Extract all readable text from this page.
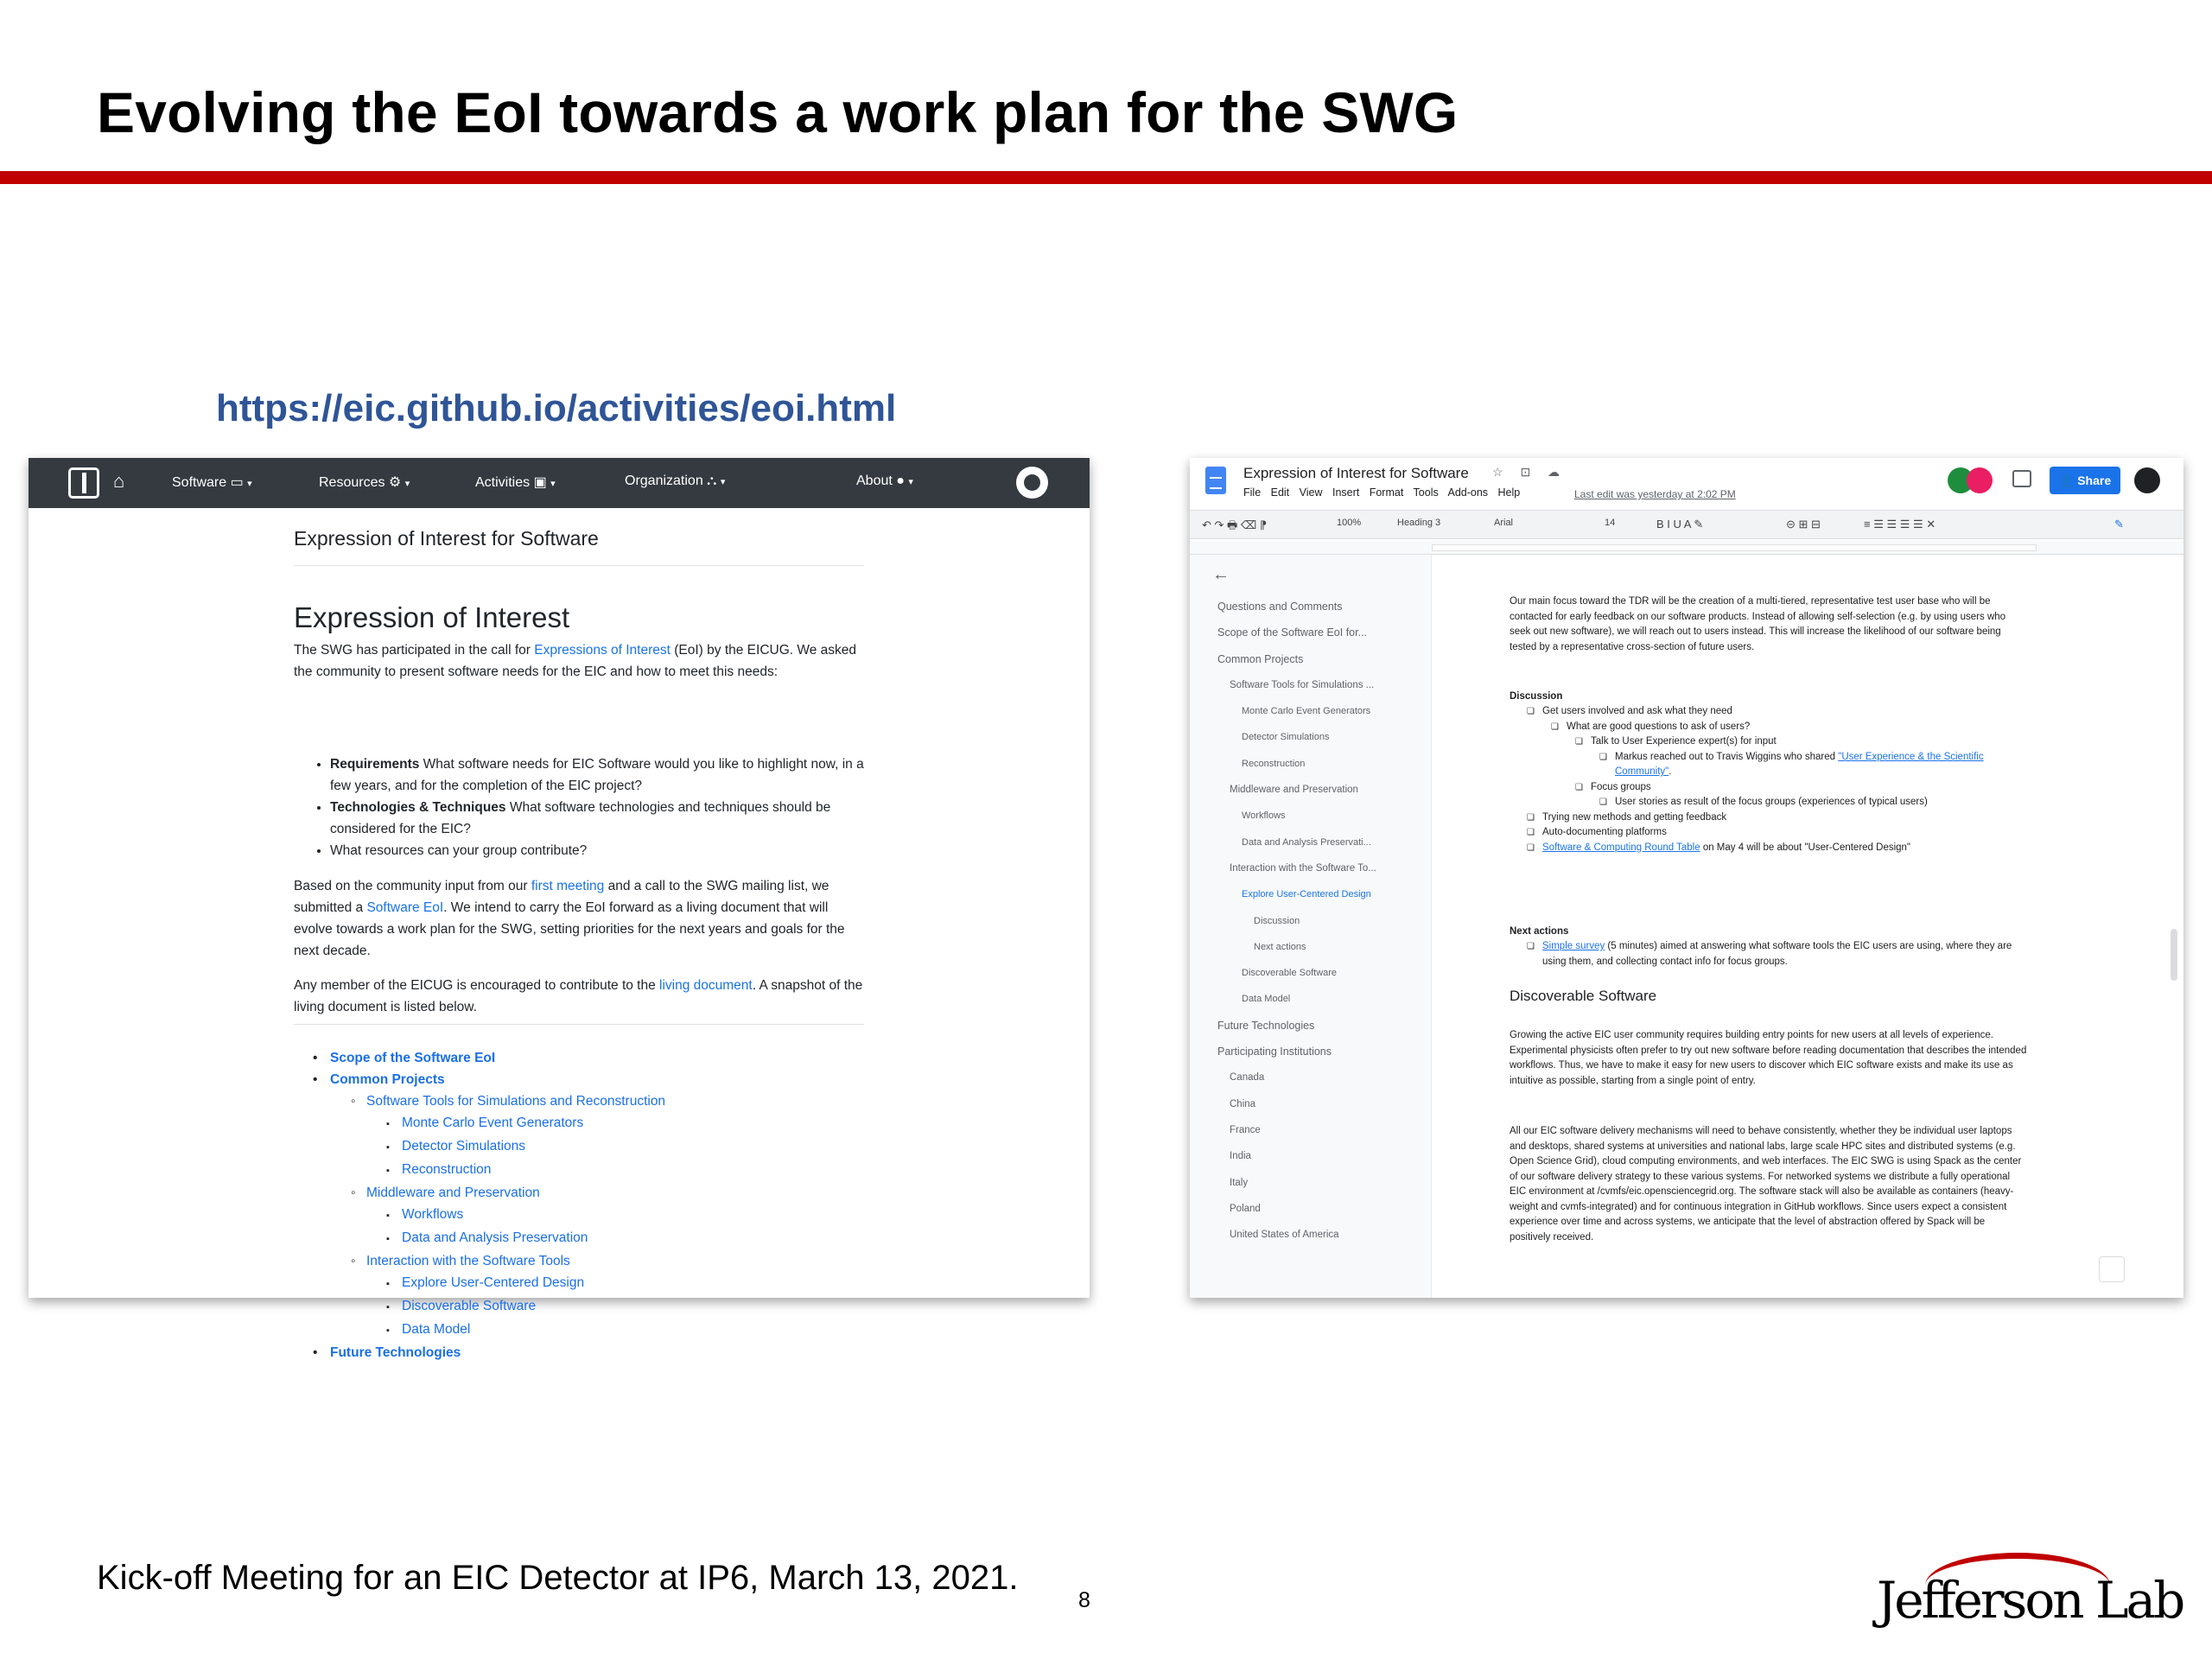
Evolving the EoI towards a work plan for the SWG
https://eic.github.io/activities/eoi.html
⌂	Software ▭ ▾	Resources ⚙ ▾	Activities ▣ ▾	Organization ⛬ ▾	About ● ▾
Expression of Interest for Software
Expression of Interest
The SWG has participated in the call for Expressions of Interest (EoI) by the EICUG. We asked the community to present software needs for the EIC and how to meet this needs:
• Requirements What software needs for EIC Software would you like to highlight now, in a few years, and for the completion of the EIC project?
• Technologies & Techniques What software technologies and techniques should be considered for the EIC?
• What resources can your group contribute?
Based on the community input from our first meeting and a call to the SWG mailing list, we submitted a Software EoI. We intend to carry the EoI forward as a living document that will evolve towards a work plan for the SWG, setting priorities for the next years and goals for the next decade.
Any member of the EICUG is encouraged to contribute to the living document. A snapshot of the living document is listed below.
• Scope of the Software EoI
• Common Projects
◦ Software Tools for Simulations and Reconstruction
▪ Monte Carlo Event Generators
▪ Detector Simulations
▪ Reconstruction
◦ Middleware and Preservation
▪ Workflows
▪ Data and Analysis Preservation
◦ Interaction with the Software Tools
▪ Explore User-Centered Design
▪ Discoverable Software
▪ Data Model
• Future Technologies
Expression of Interest for Software ☆ ⊡ ☁
File Edit View Insert Format Tools Add-ons Help	Last edit was yesterday at 2:02 PM
👤 Share
↶ ↷ 🖶 ⌫ ⁋	100%	Heading 3	Arial	14	B I U A ✎	⊝ ⊞ ⊟	≡ ☰ ☰ ☰ ☰ ✕	✎
←
Questions and Comments
Scope of the Software EoI for...
Common Projects
Software Tools for Simulations ...
Monte Carlo Event Generators
Detector Simulations
Reconstruction
Middleware and Preservation
Workflows
Data and Analysis Preservati...
Interaction with the Software To...
Explore User-Centered Design
Discussion
Next actions
Discoverable Software
Data Model
Future Technologies
Participating Institutions
Canada
China
France
India
Italy
Poland
United States of America
Our main focus toward the TDR will be the creation of a multi-tiered, representative test user base who will be contacted for early feedback on our software products. Instead of allowing self-selection (e.g. by using users who seek out new software), we will reach out to users instead. This will increase the likelihood of our software being tested by a representative cross-section of future users.
Discussion
❏ Get users involved and ask what they need
❏ What are good questions to ask of users?
❏ Talk to User Experience expert(s) for input
❏ Markus reached out to Travis Wiggins who shared "User Experience & the Scientific Community".
❏ Focus groups
❏ User stories as result of the focus groups (experiences of typical users)
❏ Trying new methods and getting feedback
❏ Auto-documenting platforms
❏ Software & Computing Round Table on May 4 will be about "User-Centered Design"
Next actions
❏ Simple survey (5 minutes) aimed at answering what software tools the EIC users are using, where they are using them, and collecting contact info for focus groups.
Discoverable Software
Growing the active EIC user community requires building entry points for new users at all levels of experience. Experimental physicists often prefer to try out new software before reading documentation that describes the intended workflows. Thus, we have to make it easy for new users to discover which EIC software exists and make its use as intuitive as possible, starting from a single point of entry.
All our EIC software delivery mechanisms will need to behave consistently, whether they be individual user laptops and desktops, shared systems at universities and national labs, large scale HPC sites and distributed systems (e.g. Open Science Grid), cloud computing environments, and web interfaces. The EIC SWG is using Spack as the center of our software delivery strategy to these various systems. For networked systems we distribute a fully operational EIC environment at /cvmfs/eic.opensciencegrid.org. The software stack will also be available as containers (heavy-weight and cvmfs-integrated) and for continuous integration in GitHub workflows. Since users expect a consistent experience over time and across systems, we anticipate that the level of abstraction offered by Spack will be positively received.
Kick-off Meeting for an EIC Detector at IP6, March 13, 2021.
8	Jefferson Lab
